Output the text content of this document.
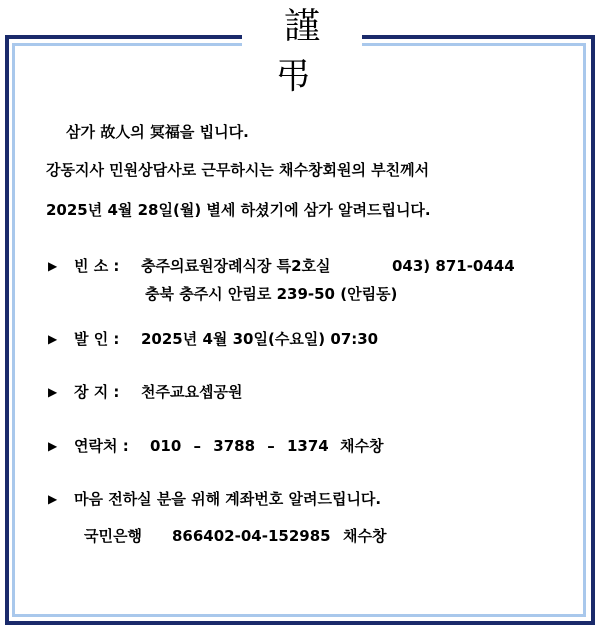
謹 弔
삼가 故人의 冥福을 빕니다.
강동지사 민원상담사로 근무하시는 채수창회원의 부친께서
2025년 4월 28일(월) 별세 하셨기에 삼가 알려드립니다.
▶ 빈 소 : 충주의료원장례식장 특2호실	043) 871-0444
충북 충주시 안림로 239-50 (안림동)
▶ 발 인 : 2025년 4월 30일(수요일) 07:30
▶ 장 지 : 천주교요셉공원
▶ 연락처 : 010 – 3788 – 1374 채수창
▶ 마음 전하실 분을 위해 계좌번호 알려드립니다.
국민은행 866402-04-152985 채수창
